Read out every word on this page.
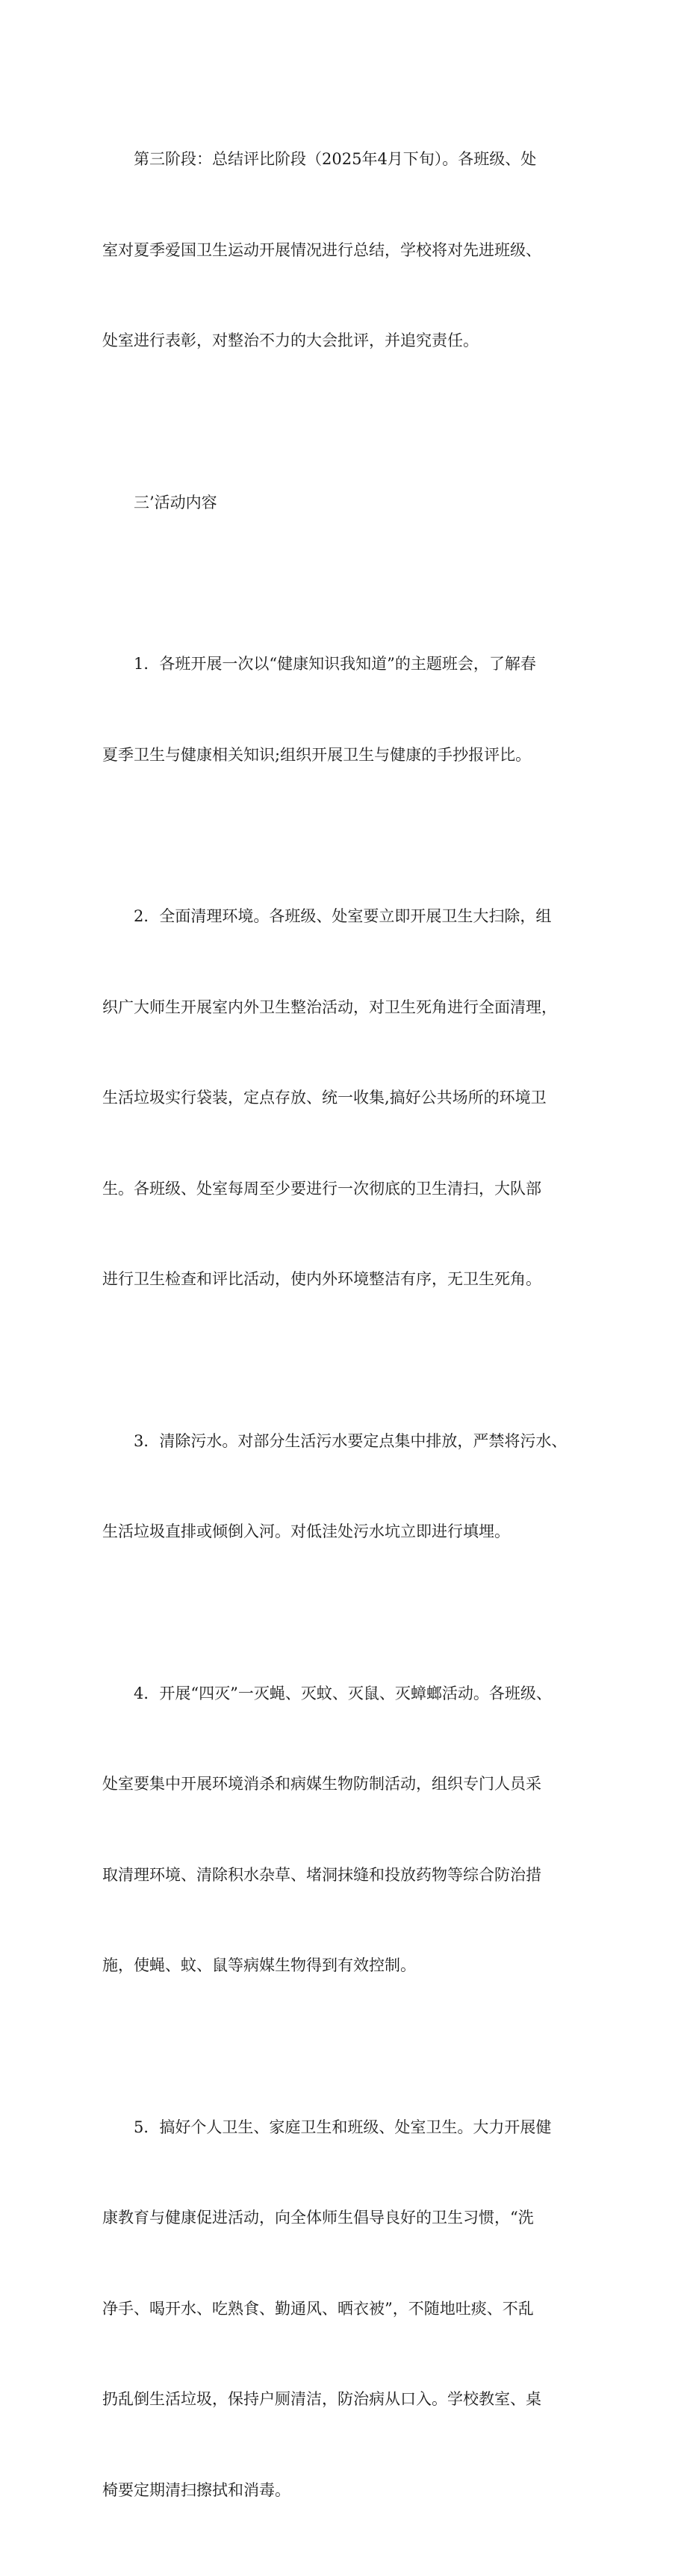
第三阶段：总结评比阶段（2025年4月下旬）。各班级、处

室对夏季爱国卫生运动开展情况进行总结，学校将对先进班级、

处室进行表彰，对整治不力的大会批评，并追究责任。

三’活动内容

1．各班开展一次以“健康知识我知道”的主题班会，了解春

夏季卫生与健康相关知识;组织开展卫生与健康的手抄报评比。

2．全面清理环境。各班级、处室要立即开展卫生大扫除，组

织广大师生开展室内外卫生整治活动，对卫生死角进行全面清理，

生活垃圾实行袋装，定点存放、统一收集,搞好公共场所的环境卫

生。各班级、处室每周至少要进行一次彻底的卫生清扫，大队部

进行卫生检查和评比活动，使内外环境整洁有序，无卫生死角。

3．清除污水。对部分生活污水要定点集中排放，严禁将污水、

生活垃圾直排或倾倒入河。对低洼处污水坑立即进行填埋。

4．开展“四灭”一灭蝇、灭蚊、灭鼠、灭蟑螂活动。各班级、

处室要集中开展环境消杀和病媒生物防制活动，组织专门人员采

取清理环境、清除积水杂草、堵洞抹缝和投放药物等综合防治措

施，使蝇、蚊、鼠等病媒生物得到有效控制。

5．搞好个人卫生、家庭卫生和班级、处室卫生。大力开展健

康教育与健康促进活动，向全体师生倡导良好的卫生习惯，“洗

净手、喝开水、吃熟食、勤通风、晒衣被”，不随地吐痰、不乱

扔乱倒生活垃圾，保持户厕清洁，防治病从口入。学校教室、桌

椅要定期清扫擦拭和消毒。
